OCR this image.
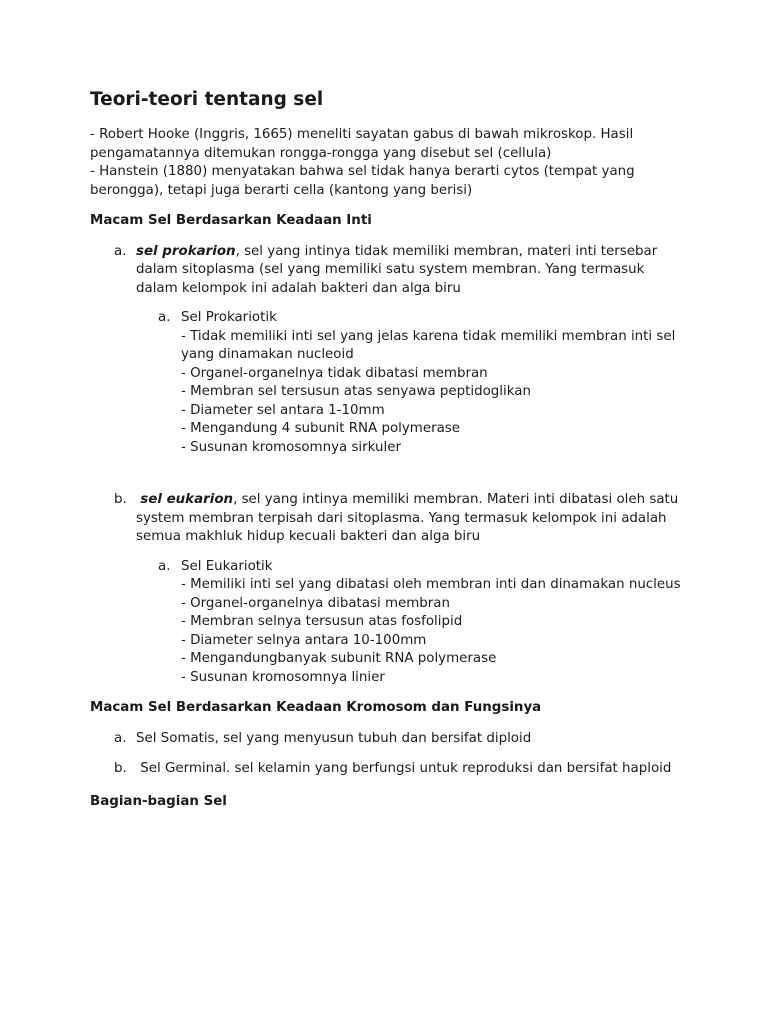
Teori-teori tentang sel

- Robert Hooke (Inggris, 1665) meneliti sayatan gabus di bawah mikroskop. Hasil pengamatannya ditemukan rongga-rongga yang disebut sel (cellula)

- Hanstein (1880) menyatakan bahwa sel tidak hanya berarti cytos (tempat yang berongga), tetapi juga berarti cella (kantong yang berisi)

Macam Sel Berdasarkan Keadaan Inti
a. sel prokarion, sel yang intinya tidak memiliki membran, materi inti tersebar dalam sitoplasma (sel yang memiliki satu system membran. Yang termasuk dalam kelompok ini adalah bakteri dan alga biru

a. Sel Prokariotik

- Tidak memiliki inti sel yang jelas karena tidak memiliki membran inti sel yang dinamakan nucleoid

- Organel-organelnya tidak dibatasi membran

- Membran sel tersusun atas senyawa peptidoglikan

- Diameter sel antara 1-10mm

- Mengandung 4 subunit RNA polymerase

- Susunan kromosomnya sirkuler

b.	sel eukarion, sel yang intinya memiliki membran. Materi inti dibatasi oleh satu system membran terpisah dari sitoplasma. Yang termasuk kelompok ini adalah semua makhluk hidup kecuali bakteri dan alga biru

a. Sel Eukariotik

- Memiliki inti sel yang dibatasi oleh membran inti dan dinamakan nucleus

- Organel-organelnya dibatasi membran

- Membran selnya tersusun atas fosfolipid

- Diameter selnya antara 10-100mm

- Mengandungbanyak subunit RNA polymerase

- Susunan kromosomnya linier

Macam Sel Berdasarkan Keadaan Kromosom dan Fungsinya
a. Sel Somatis, sel yang menyusun tubuh dan bersifat diploid

b.	Sel Germinal. sel kelamin yang berfungsi untuk reproduksi dan bersifat haploid

Bagian-bagian Sel
